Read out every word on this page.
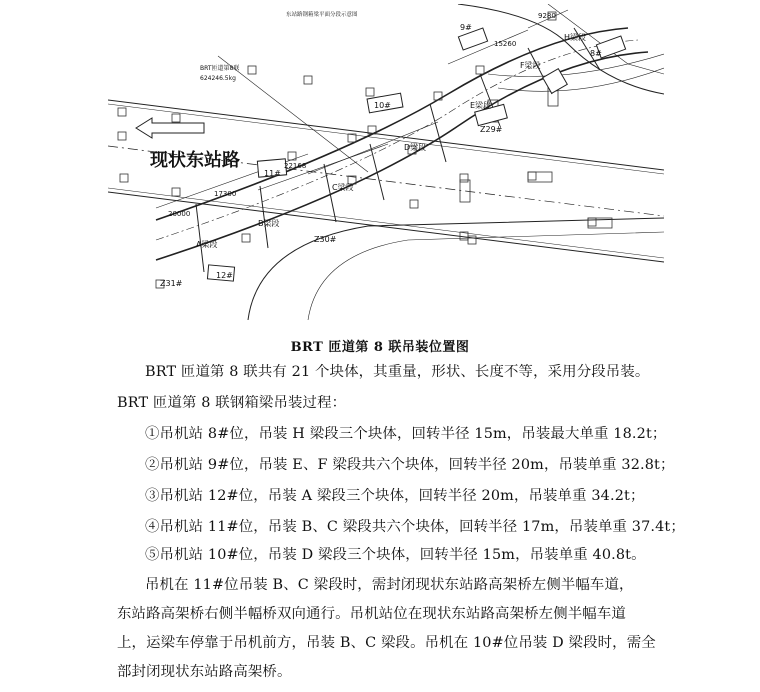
东站路钢箱梁平面分段示意图
BRT匝道第8联
624246.5kg
现状东站路
A梁段
B梁段
C梁段
D梁段
E梁段
F梁段
H梁段
8#
9#
10#
11#
12#
Z29#
Z30#
Z31#
20000
17300
22168
15260
9280
BRT 匝道第 8 联吊装位置图
BRT 匝道第 8 联共有 21 个块体，其重量，形状、长度不等，采用分段吊装。
BRT 匝道第 8 联钢箱梁吊装过程：
①吊机站 8#位，吊装 H 梁段三个块体，回转半径 15m，吊装最大单重 18.2t；
②吊机站 9#位，吊装 E、F 梁段共六个块体，回转半径 20m，吊装单重 32.8t；
③吊机站 12#位，吊装 A 梁段三个块体，回转半径 20m，吊装单重 34.2t；
④吊机站 11#位，吊装 B、C 梁段共六个块体，回转半径 17m，吊装单重 37.4t；
⑤吊机站 10#位，吊装 D 梁段三个块体，回转半径 15m，吊装单重 40.8t。
吊机在 11#位吊装 B、C 梁段时，需封闭现状东站路高架桥左侧半幅车道，
东站路高架桥右侧半幅桥双向通行。吊机站位在现状东站路高架桥左侧半幅车道
上，运梁车停靠于吊机前方，吊装 B、C 梁段。吊机在 10#位吊装 D 梁段时，需全
部封闭现状东站路高架桥。
